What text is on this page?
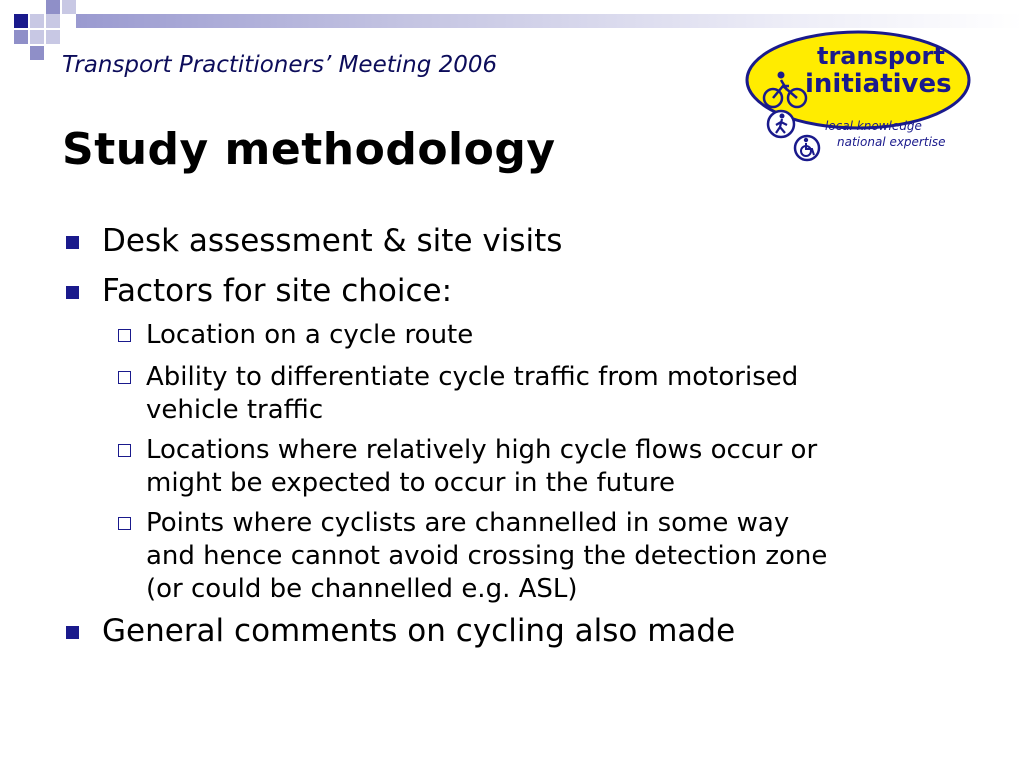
Transport Practitioners’ Meeting 2006
Study methodology
transport
initiatives
local knowledge
national expertise
Desk assessment & site visits
Factors for site choice:
Location on a cycle route
Ability to differentiate cycle traffic from motorised
vehicle traffic
Locations where relatively high cycle flows occur or
might be expected to occur in the future
Points where cyclists are channelled in some way
and hence cannot avoid crossing the detection zone
(or could be channelled e.g. ASL)
General comments on cycling also made
